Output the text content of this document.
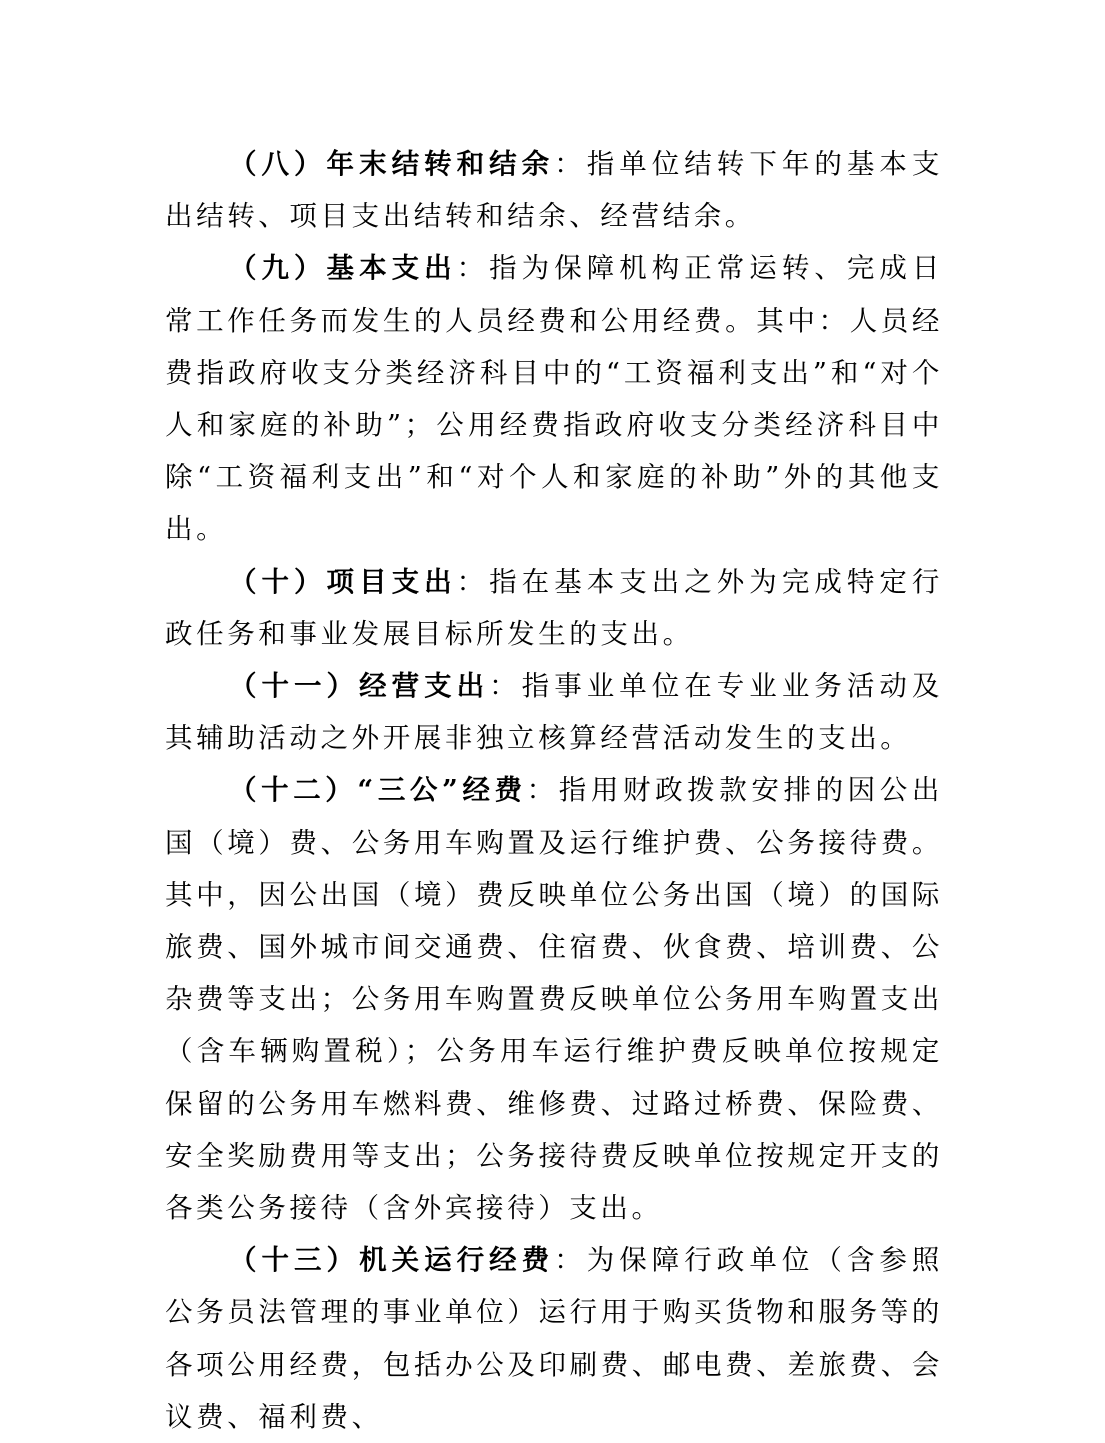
（八）年末结转和结余：指单位结转下年的基本支出结转、项目支出结转和结余、经营结余。

（九）基本支出：指为保障机构正常运转、完成日常工作任务而发生的人员经费和公用经费。其中：人员经费指政府收支分类经济科目中的“工资福利支出”和“对个人和家庭的补助”；公用经费指政府收支分类经济科目中除“工资福利支出”和“对个人和家庭的补助”外的其他支出。

（十）项目支出：指在基本支出之外为完成特定行政任务和事业发展目标所发生的支出。

（十一）经营支出：指事业单位在专业业务活动及其辅助活动之外开展非独立核算经营活动发生的支出。

（十二）“三公”经费：指用财政拨款安排的因公出国（境）费、公务用车购置及运行维护费、公务接待费。其中，因公出国（境）费反映单位公务出国（境）的国际旅费、国外城市间交通费、住宿费、伙食费、培训费、公杂费等支出；公务用车购置费反映单位公务用车购置支出（含车辆购置税）；公务用车运行维护费反映单位按规定保留的公务用车燃料费、维修费、过路过桥费、保险费、安全奖励费用等支出；公务接待费反映单位按规定开支的各类公务接待（含外宾接待）支出。

（十三）机关运行经费：为保障行政单位（含参照公务员法管理的事业单位）运行用于购买货物和服务等的各项公用经费，包括办公及印刷费、邮电费、差旅费、会议费、福利费、
